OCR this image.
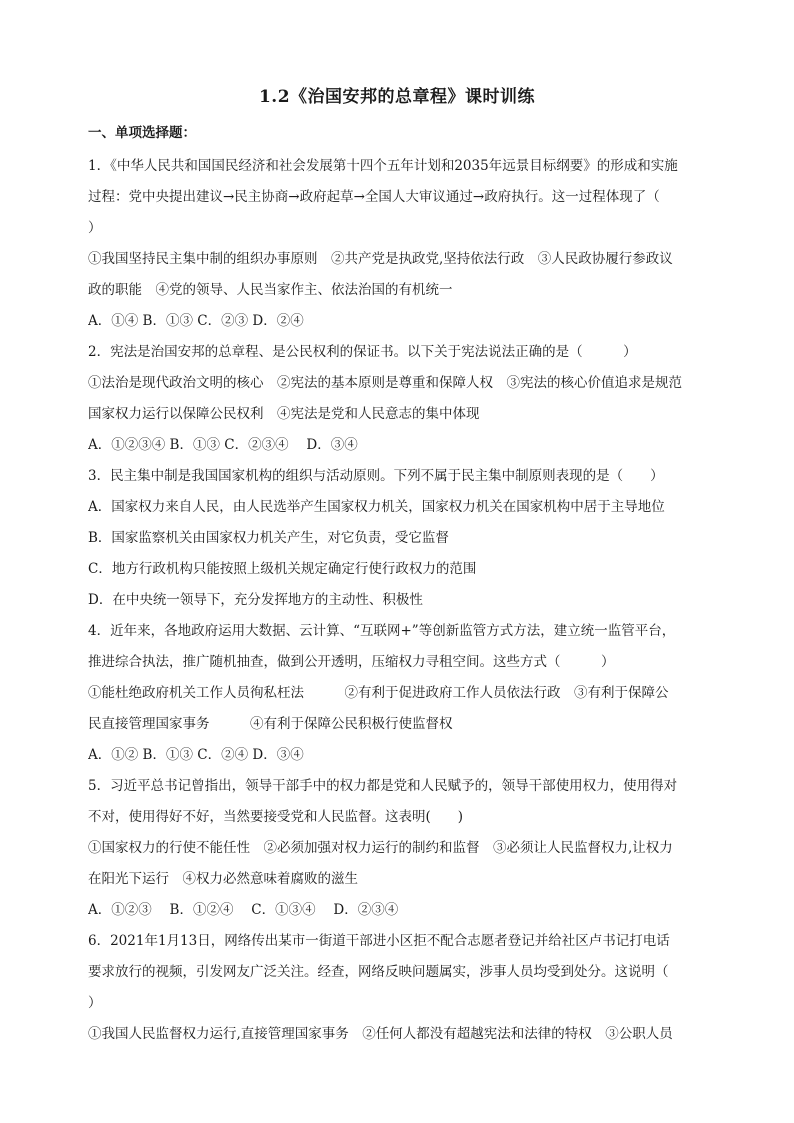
1.2《治国安邦的总章程》课时训练
一、单项选择题：

1．《中华人民共和国国民经济和社会发展第十四个五年计划和2035年远景目标纲要》的形成和实施

过程：党中央提出建议→民主协商→政府起草→全国人大审议通过→政府执行。这一过程体现了（

）

①我国坚持民主集中制的组织办事原则　②共产党是执政党,坚持依法行政　③人民政协履行参政议

政的职能　④党的领导、人民当家作主、依法治国的有机统一

A．①④ B．①③ C．②③ D．②④

2．宪法是治国安邦的总章程、是公民权利的保证书。以下关于宪法说法正确的是（　　　）

①法治是现代政治文明的核心　②宪法的基本原则是尊重和保障人权　③宪法的核心价值追求是规范

国家权力运行以保障公民权利　④宪法是党和人民意志的集中体现

A．①②③④ B．①③ C．②③④　 D．③④

3．民主集中制是我国国家机构的组织与活动原则。下列不属于民主集中制原则表现的是（　　）

A．国家权力来自人民，由人民选举产生国家权力机关，国家权力机关在国家机构中居于主导地位

B．国家监察机关由国家权力机关产生，对它负责，受它监督

C．地方行政机构只能按照上级机关规定确定行使行政权力的范围

D．在中央统一领导下，充分发挥地方的主动性、积极性

4．近年来，各地政府运用大数据、云计算、“互联网+”等创新监管方式方法，建立统一监管平台，

推进综合执法，推广随机抽查，做到公开透明，压缩权力寻租空间。这些方式（　　　）

①能杜绝政府机关工作人员徇私枉法　　　②有利于促进政府工作人员依法行政　③有利于保障公

民直接管理国家事务　　　④有利于保障公民积极行使监督权

A．①② B．①③ C．②④ D．③④

5．习近平总书记曾指出，领导干部手中的权力都是党和人民赋予的，领导干部使用权力，使用得对

不对，使用得好不好，当然要接受党和人民监督。这表明(　　)

①国家权力的行使不能任性　②必须加强对权力运行的制约和监督　③必须让人民监督权力,让权力

在阳光下运行　④权力必然意味着腐败的滋生

A．①②③　 B．①②④　 C．①③④　 D．②③④

6．2021年1月13日，网络传出某市一街道干部进小区拒不配合志愿者登记并给社区卢书记打电话

要求放行的视频，引发网友广泛关注。经查，网络反映问题属实，涉事人员均受到处分。这说明（

）

①我国人民监督权力运行,直接管理国家事务　②任何人都没有超越宪法和法律的特权　③公职人员
